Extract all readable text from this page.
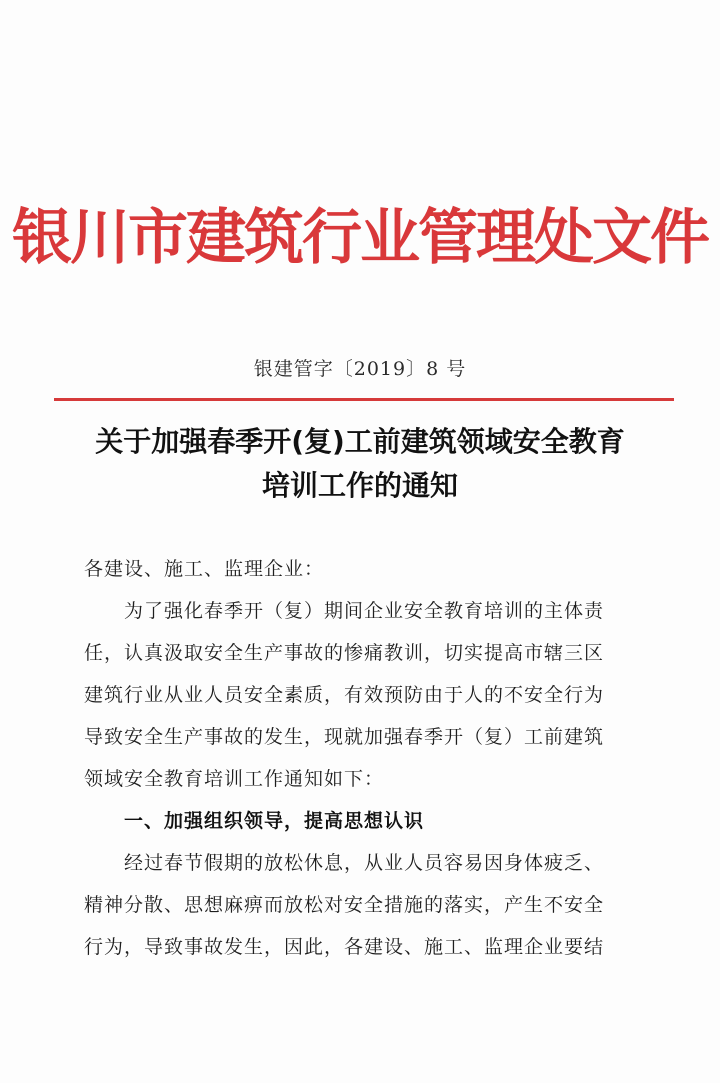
银川市建筑行业管理处文件
银建管字〔2019〕8 号
关于加强春季开(复)工前建筑领域安全教育
培训工作的通知
各建设、施工、监理企业：
为了强化春季开（复）期间企业安全教育培训的主体责
任，认真汲取安全生产事故的惨痛教训，切实提高市辖三区
建筑行业从业人员安全素质，有效预防由于人的不安全行为
导致安全生产事故的发生，现就加强春季开（复）工前建筑
领域安全教育培训工作通知如下：
一、加强组织领导，提高思想认识
经过春节假期的放松休息，从业人员容易因身体疲乏、
精神分散、思想麻痹而放松对安全措施的落实，产生不安全
行为，导致事故发生，因此，各建设、施工、监理企业要结
